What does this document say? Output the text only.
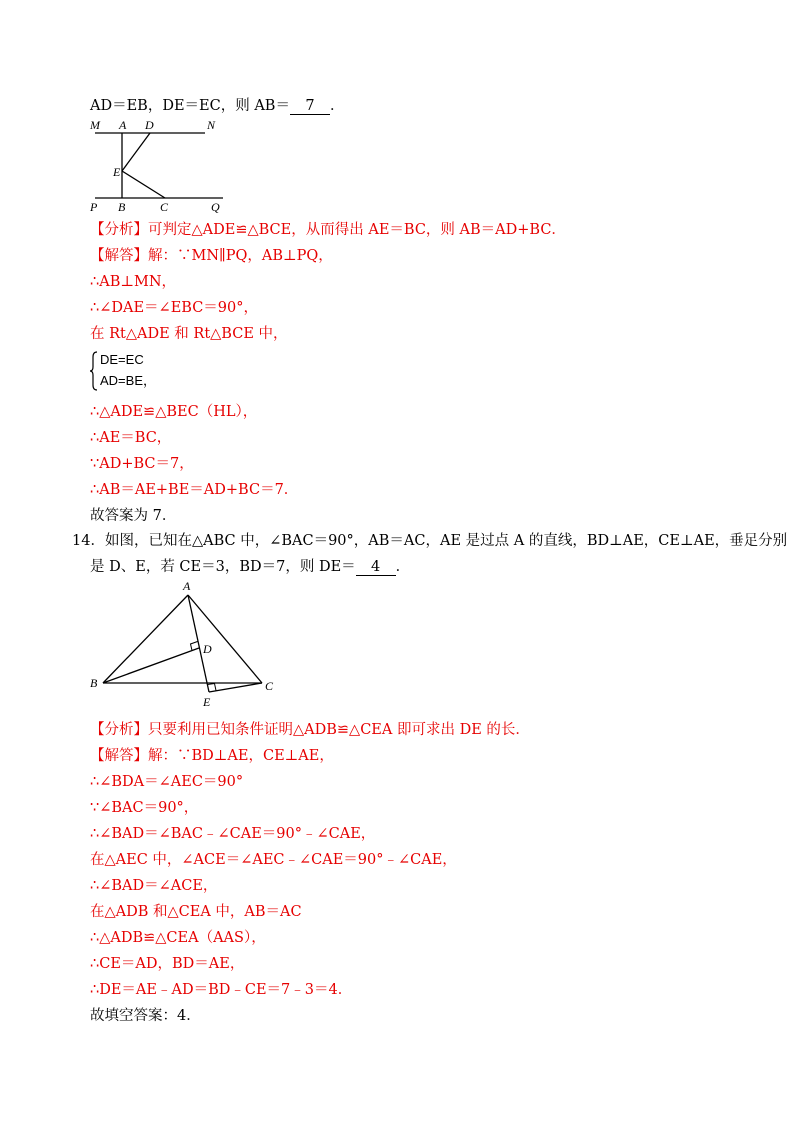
AD＝EB，DE＝EC，则 AB＝ 7 ．
M A D	N
E
P B	C	Q
【分析】可判定△ADE≌△BCE，从而得出 AE＝BC，则 AB＝AD+BC．
【解答】解：∵MN∥PQ，AB⊥PQ，
∴AB⊥MN，
∴∠DAE＝∠EBC＝90°，
在 Rt△ADE 和 Rt△BCE 中，
DE=EC
AD=BE，
∴△ADE≌△BEC（HL），
∴AE＝BC，
∵AD+BC＝7，
∴AB＝AE+BE＝AD+BC＝7．
故答案为 7．
14．如图，已知在△ABC 中，∠BAC＝90°，AB＝AC，AE 是过点 A 的直线，BD⊥AE，CE⊥AE，垂足分别
是 D、E，若 CE＝3，BD＝7，则 DE＝ 4 ．
A
B	C
D
E
【分析】只要利用已知条件证明△ADB≌△CEA 即可求出 DE 的长．
【解答】解：∵BD⊥AE，CE⊥AE，
∴∠BDA＝∠AEC＝90°
∵∠BAC＝90°，
∴∠BAD＝∠BAC﹣∠CAE＝90°﹣∠CAE，
在△AEC 中，∠ACE＝∠AEC﹣∠CAE＝90°﹣∠CAE，
∴∠BAD＝∠ACE，
在△ADB 和△CEA 中，AB＝AC
∴△ADB≌△CEA（AAS），
∴CE＝AD，BD＝AE，
∴DE＝AE﹣AD＝BD﹣CE＝7﹣3＝4．
故填空答案：4．
